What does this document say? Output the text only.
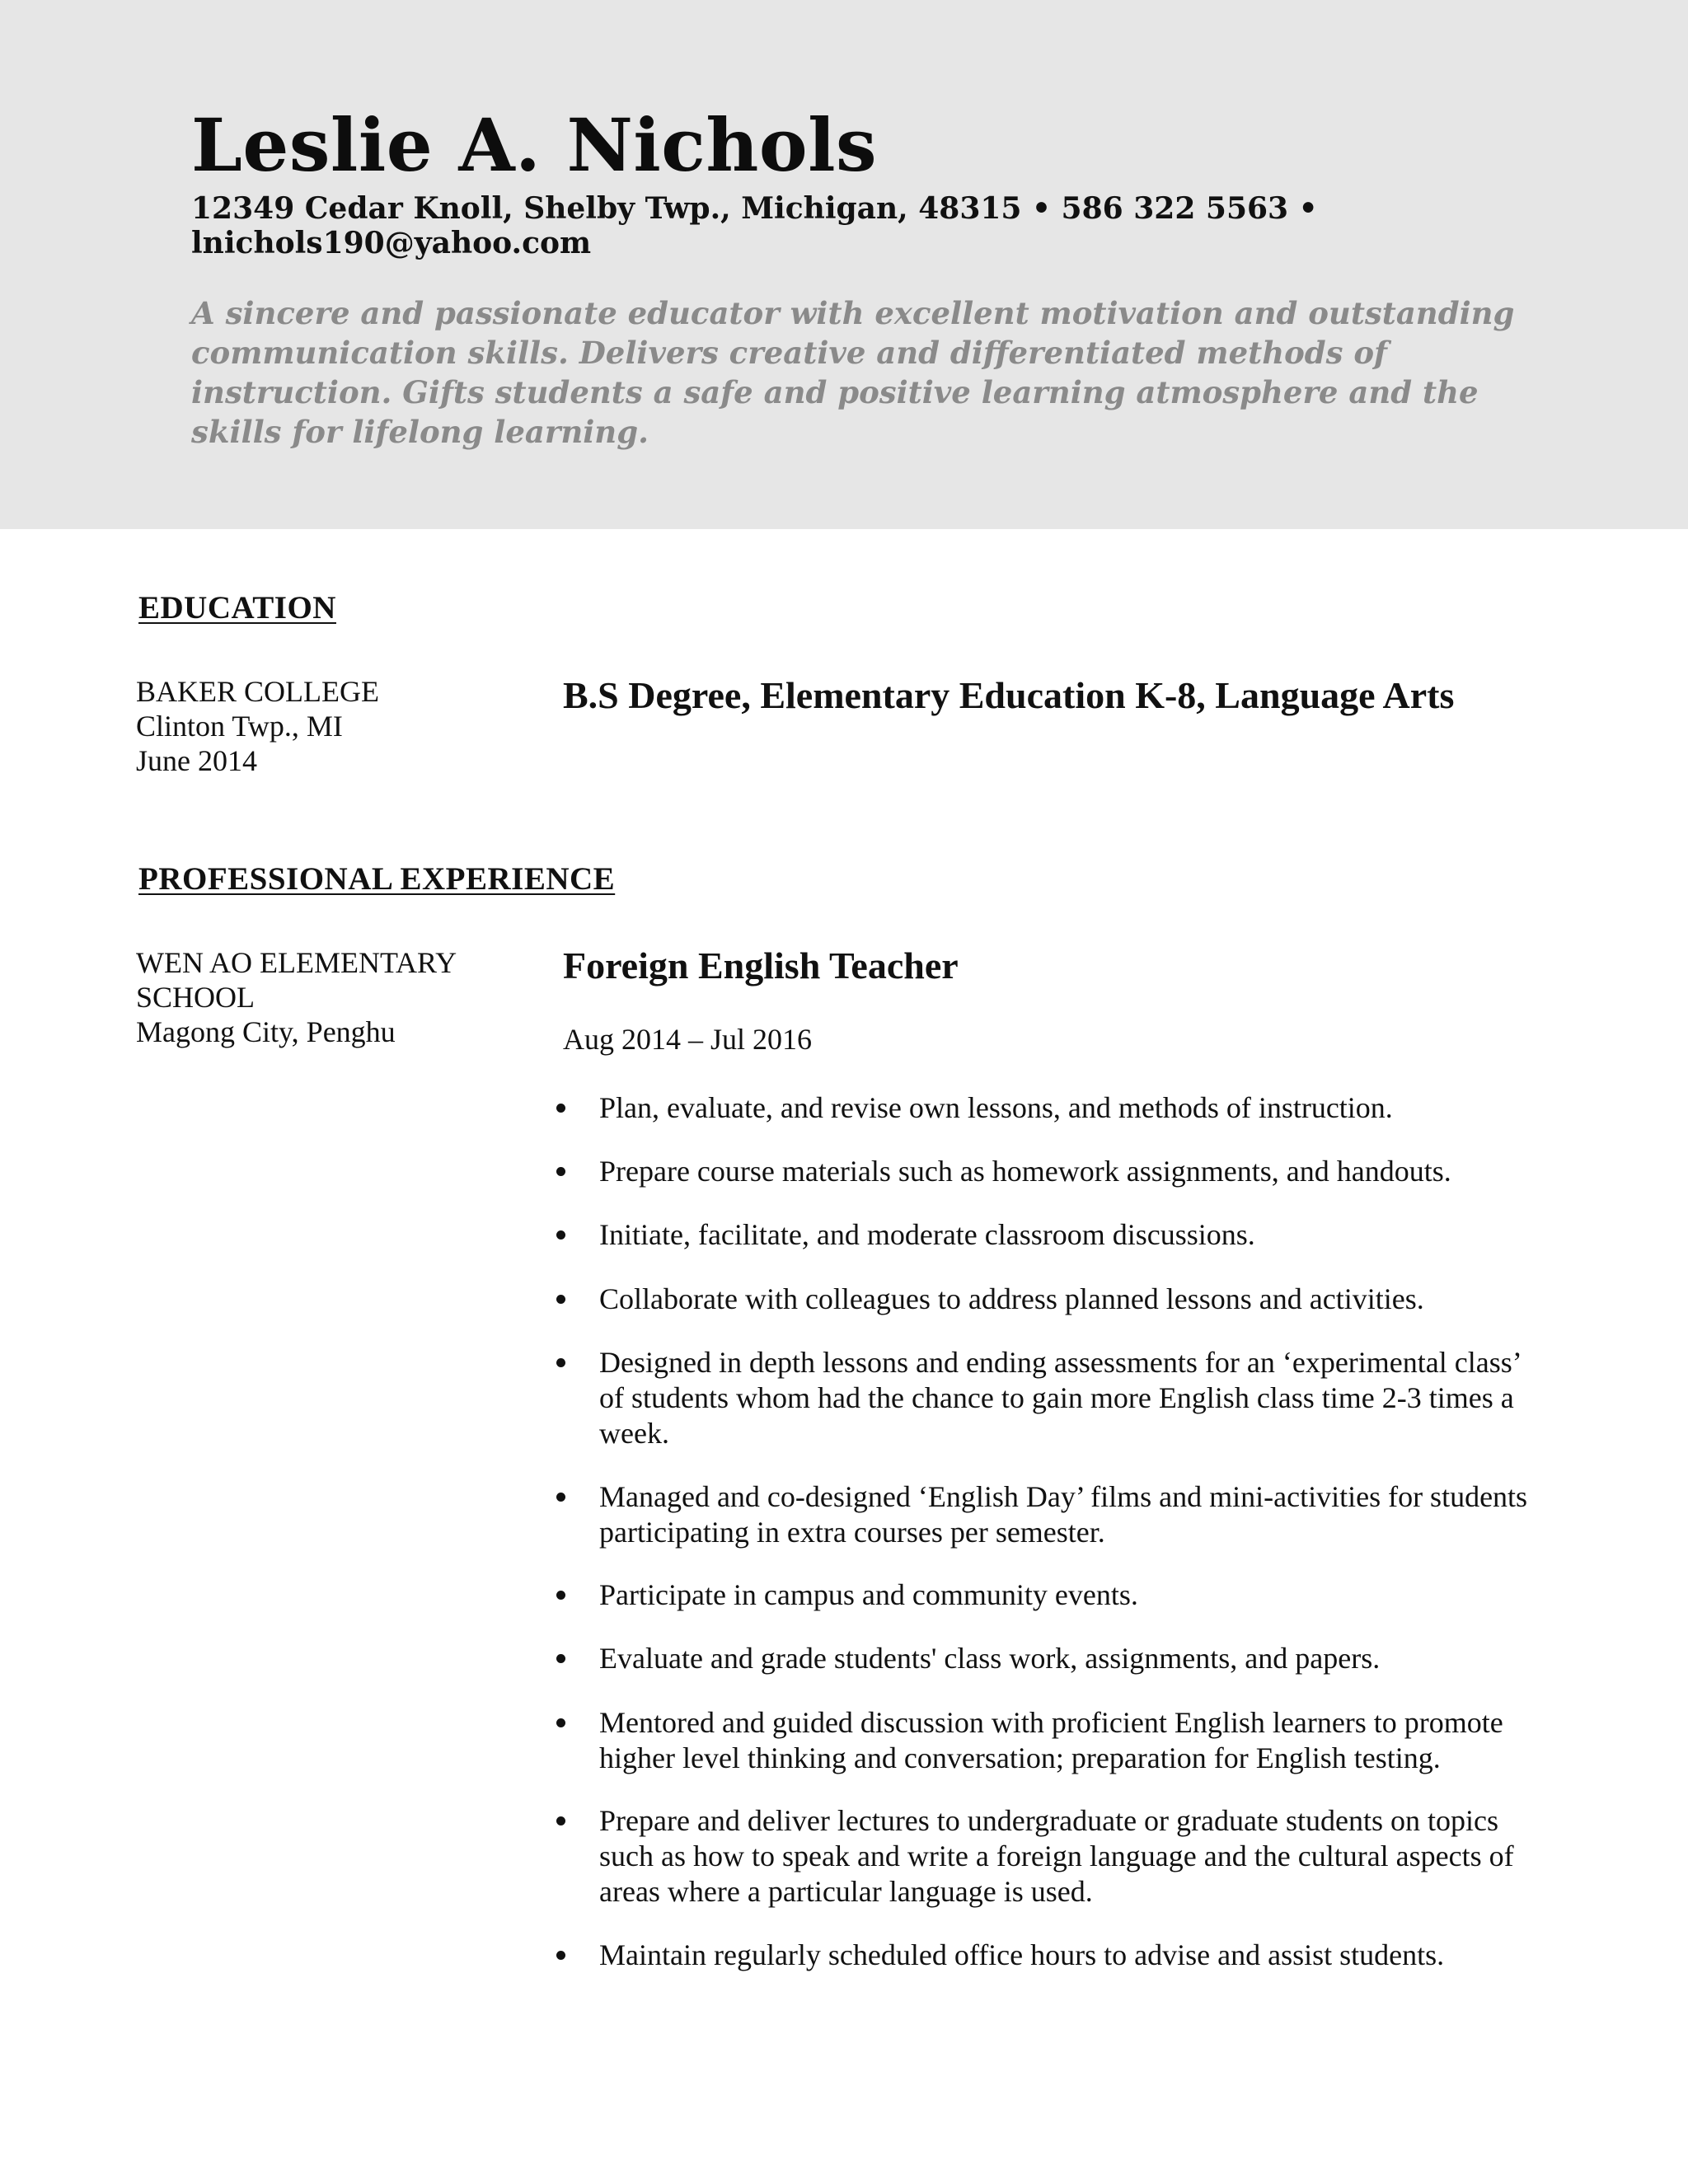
Leslie A. Nichols

12349 Cedar Knoll, Shelby Twp., Michigan, 48315 • 586 322 5563 •
lnichols190@yahoo.com

A sincere and passionate educator with excellent motivation and outstanding
communication skills. Delivers creative and differentiated methods of
instruction. Gifts students a safe and positive learning atmosphere and the
skills for lifelong learning.

EDUCATION
BAKER COLLEGE
Clinton Twp., MI
June 2014
B.S Degree, Elementary Education K-8, Language Arts
PROFESSIONAL EXPERIENCE
WEN AO ELEMENTARY
SCHOOL
Magong City, Penghu
Foreign English Teacher

Aug 2014 – Jul 2016

Plan, evaluate, and revise own lessons, and methods of instruction.
Prepare course materials such as homework assignments, and handouts.
Initiate, facilitate, and moderate classroom discussions.
Collaborate with colleagues to address planned lessons and activities.
Designed in depth lessons and ending assessments for an ‘experimental class’
of students whom had the chance to gain more English class time 2-3 times a
week.
Managed and co-designed ‘English Day’ films and mini-activities for students
participating in extra courses per semester.
Participate in campus and community events.
Evaluate and grade students' class work, assignments, and papers.
Mentored and guided discussion with proficient English learners to promote
higher level thinking and conversation; preparation for English testing.
Prepare and deliver lectures to undergraduate or graduate students on topics
such as how to speak and write a foreign language and the cultural aspects of
areas where a particular language is used.
Maintain regularly scheduled office hours to advise and assist students.
